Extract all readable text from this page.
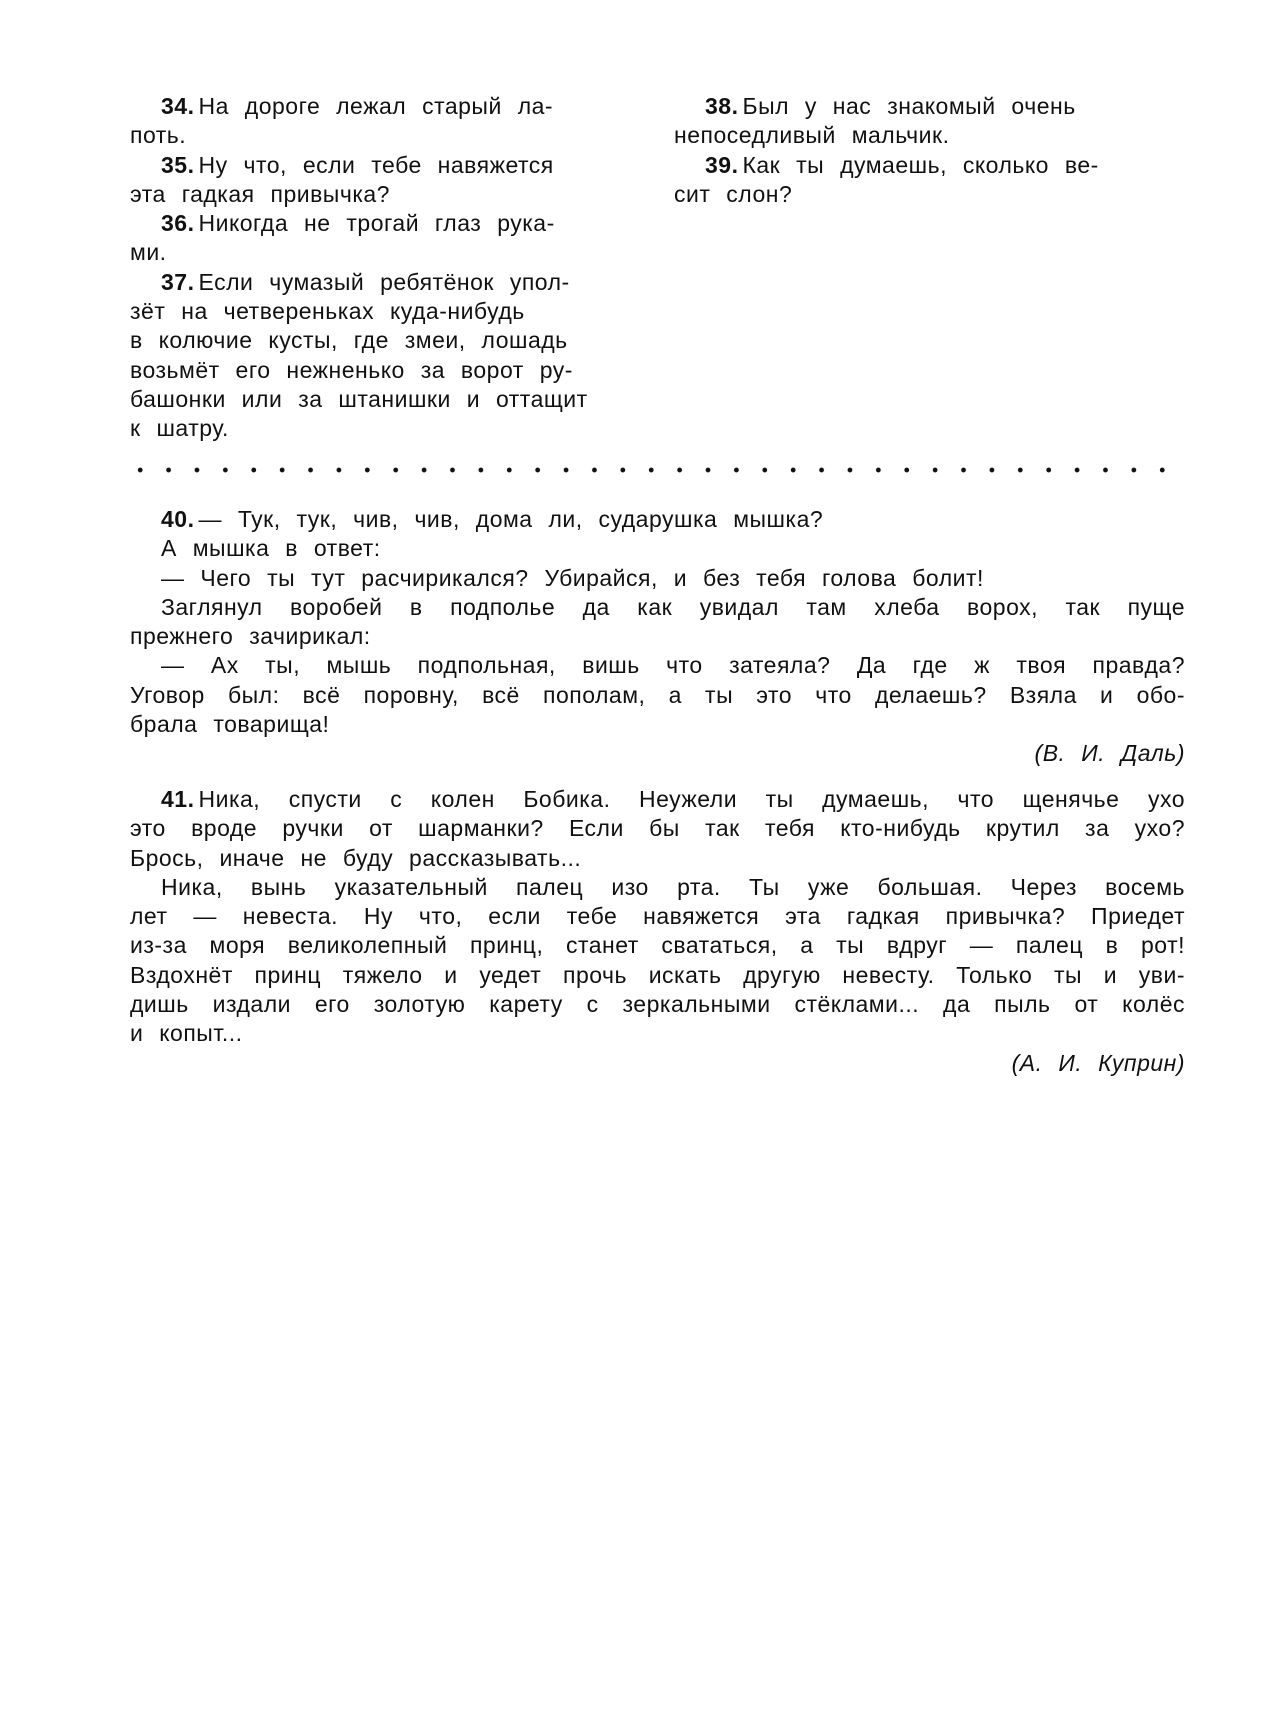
34. На дороге лежал старый ла-
поть.
35. Ну что, если тебе навяжется
эта гадкая привычка?
36. Никогда не трогай глаз рука-
ми.
37. Если чумазый ребятёнок упол-
зёт на четвереньках куда-нибудь
в колючие кусты, где змеи, лошадь
возьмёт его нежненько за ворот ру-
башонки или за штанишки и оттащит
к шатру.
38. Был у нас знакомый очень
непоседливый мальчик.
39. Как ты думаешь, сколько ве-
сит слон?
40. — Тук, тук, чив, чив, дома ли, сударушка мышка?
А мышка в ответ:
— Чего ты тут расчирикался? Убирайся, и без тебя голова болит!
Заглянул воробей в подполье да как увидал там хлеба ворох, так пуще
прежнего зачирикал:
— Ах ты, мышь подпольная, вишь что затеяла? Да где ж твоя правда?
Уговор был: всё поровну, всё пополам, а ты это что делаешь? Взяла и обо-
брала товарища!
(В. И. Даль)
41. Ника, спусти с колен Бобика. Неужели ты думаешь, что щенячье ухо
это вроде ручки от шарманки? Если бы так тебя кто-нибудь крутил за ухо?
Брось, иначе не буду рассказывать...
Ника, вынь указательный палец изо рта. Ты уже большая. Через восемь
лет — невеста. Ну что, если тебе навяжется эта гадкая привычка? Приедет
из-за моря великолепный принц, станет свататься, а ты вдруг — палец в рот!
Вздохнёт принц тяжело и уедет прочь искать другую невесту. Только ты и уви-
дишь издали его золотую карету с зеркальными стёклами... да пыль от колёс
и копыт...
(А. И. Куприн)
